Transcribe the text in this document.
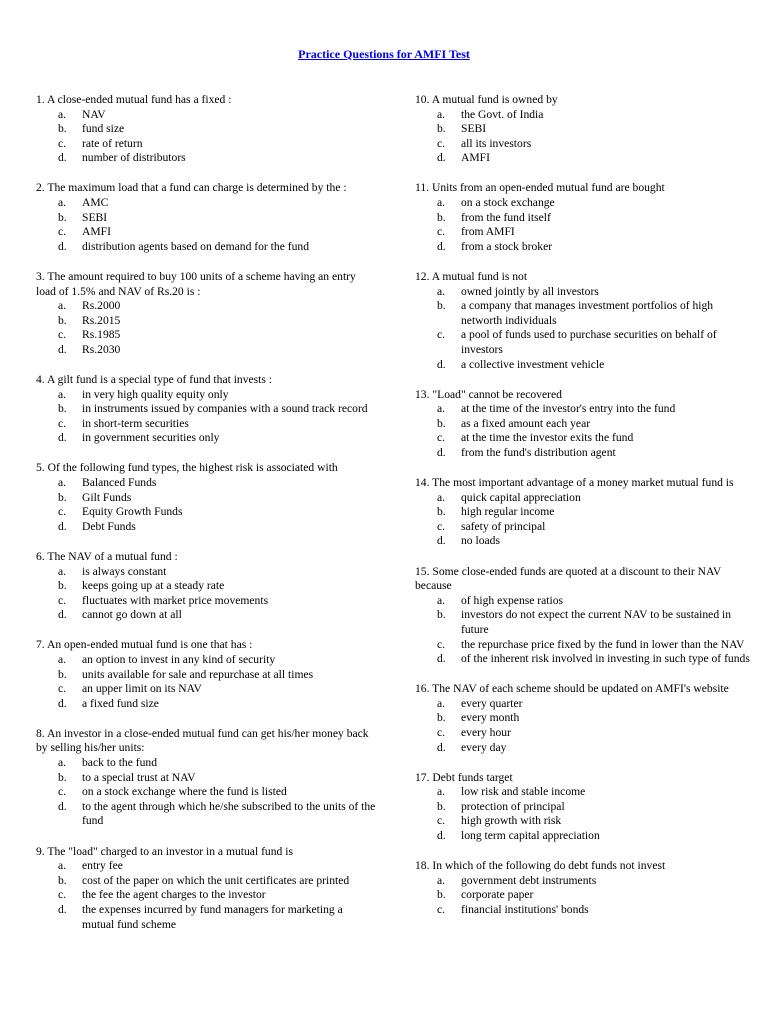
Practice Questions for AMFI Test

1. A close-ended mutual fund has a fixed :

a.	NAV
b.	fund size
c.	rate of return
d.	number of distributors

2. The maximum load that a fund can charge is determined by the :

a.	AMC
b.	SEBI
c.	AMFI
d.	distribution agents based on demand for the fund

3. The amount required to buy 100 units of a scheme having an entry load of 1.5% and NAV of Rs.20 is :

a.	Rs.2000
b.	Rs.2015
c.	Rs.1985
d.	Rs.2030

4. A gilt fund is a special type of fund that invests :

a.	in very high quality equity only
b.	in instruments issued by companies with a sound track record
c.	in short-term securities
d.	in government securities only

5. Of the following fund types, the highest risk is associated with

a.	Balanced Funds
b.	Gilt Funds
c.	Equity Growth Funds
d.	Debt Funds

6. The NAV of a mutual fund :

a.	is always constant
b.	keeps going up at a steady rate
c.	fluctuates with market price movements
d.	cannot go down at all

7. An open-ended mutual fund is one that has :

a.	an option to invest in any kind of security
b.	units available for sale and repurchase at all times
c.	an upper limit on its NAV
d.	a fixed fund size

8. An investor in a close-ended mutual fund can get his/her money back by selling his/her units:

a.	back to the fund
b.	to a special trust at NAV
c.	on a stock exchange where the fund is listed
d.	to the agent through which he/she subscribed to the units of the fund

9. The "load" charged to an investor in a mutual fund is

a.	entry fee
b.	cost of the paper on which the unit certificates are printed
c.	the fee the agent charges to the investor
d.	the expenses incurred by fund managers for marketing a mutual fund scheme

10. A mutual fund is owned by

a.	the Govt. of India
b.	SEBI
c.	all its investors
d.	AMFI

11. Units from an open-ended mutual fund are bought

a.	on a stock exchange
b.	from the fund itself
c.	from AMFI
d.	from a stock broker

12. A mutual fund is not

a.	owned jointly by all investors
b.	a company that manages investment portfolios of high networth individuals
c.	a pool of funds used to purchase securities on behalf of investors
d.	a collective investment vehicle

13. "Load" cannot be recovered

a.	at the time of the investor's entry into the fund
b.	as a fixed amount each year
c.	at the time the investor exits the fund
d.	from the fund's distribution agent

14. The most important advantage of a money market mutual fund is

a.	quick capital appreciation
b.	high regular income
c.	safety of principal
d.	no loads

15. Some close-ended funds are quoted at a discount to their NAV because

a.	of high expense ratios
b.	investors do not expect the current NAV to be sustained in future
c.	the repurchase price fixed by the fund in lower than the NAV
d.	of the inherent risk involved in investing in such type of funds

16. The NAV of each scheme should be updated on AMFI's website

a.	every quarter
b.	every month
c.	every hour
d.	every day

17. Debt funds target

a.	low risk and stable income
b.	protection of principal
c.	high growth with risk
d.	long term capital appreciation

18. In which of the following do debt funds not invest

a.	government debt instruments
b.	corporate paper
c.	financial institutions' bonds
